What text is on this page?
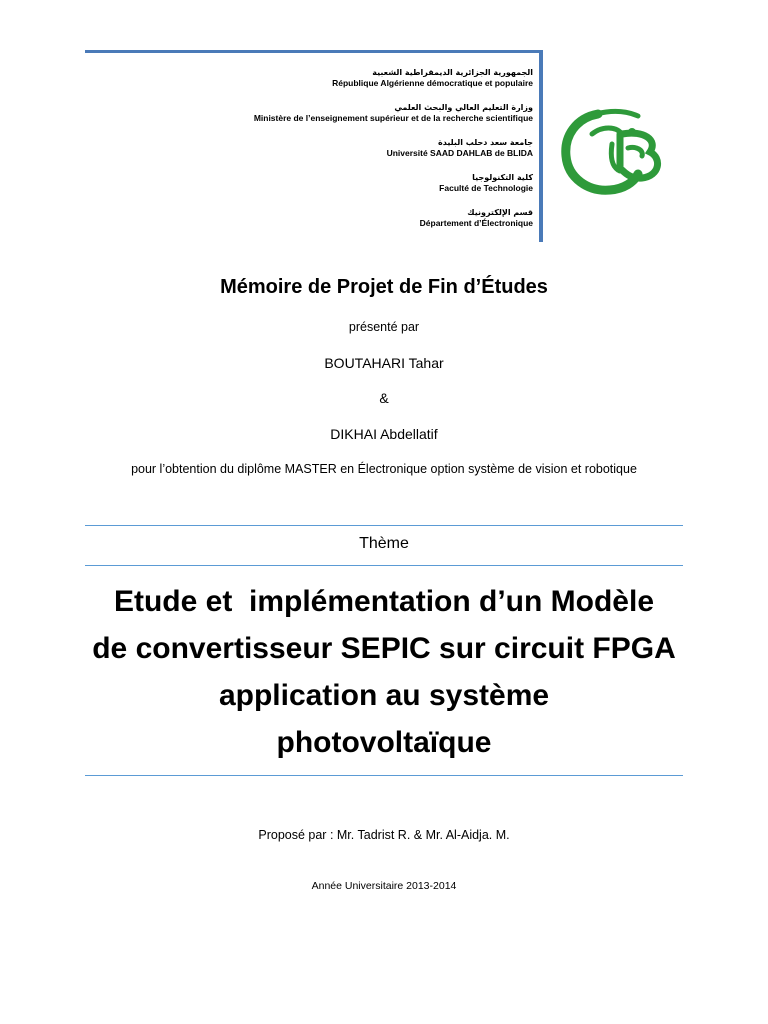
الجمهورية الجزائرية الديمقراطية الشعبية
République Algérienne démocratique et populaire
وزارة التعليم العالي والبحث العلمي
Ministère de l’enseignement supérieur et de la recherche scientifique
جامعة سعد دحلب البليدة
Université SAAD DAHLAB de BLIDA
كلية التكنولوجيا
Faculté de Technologie
قسم الإلكترونيك
Département d’Électronique
Mémoire de Projet de Fin d’Études
présenté par
BOUTAHARI Tahar
&
DIKHAI Abdellatif
pour l’obtention du diplôme MASTER en Électronique option système de vision et robotique
Thème
Etude et  implémentation d’un Modèle
de convertisseur SEPIC sur circuit FPGA
application au système
photovoltaïque
Proposé par : Mr. Tadrist R. & Mr. Al-Aidja. M.
Année Universitaire 2013-2014
